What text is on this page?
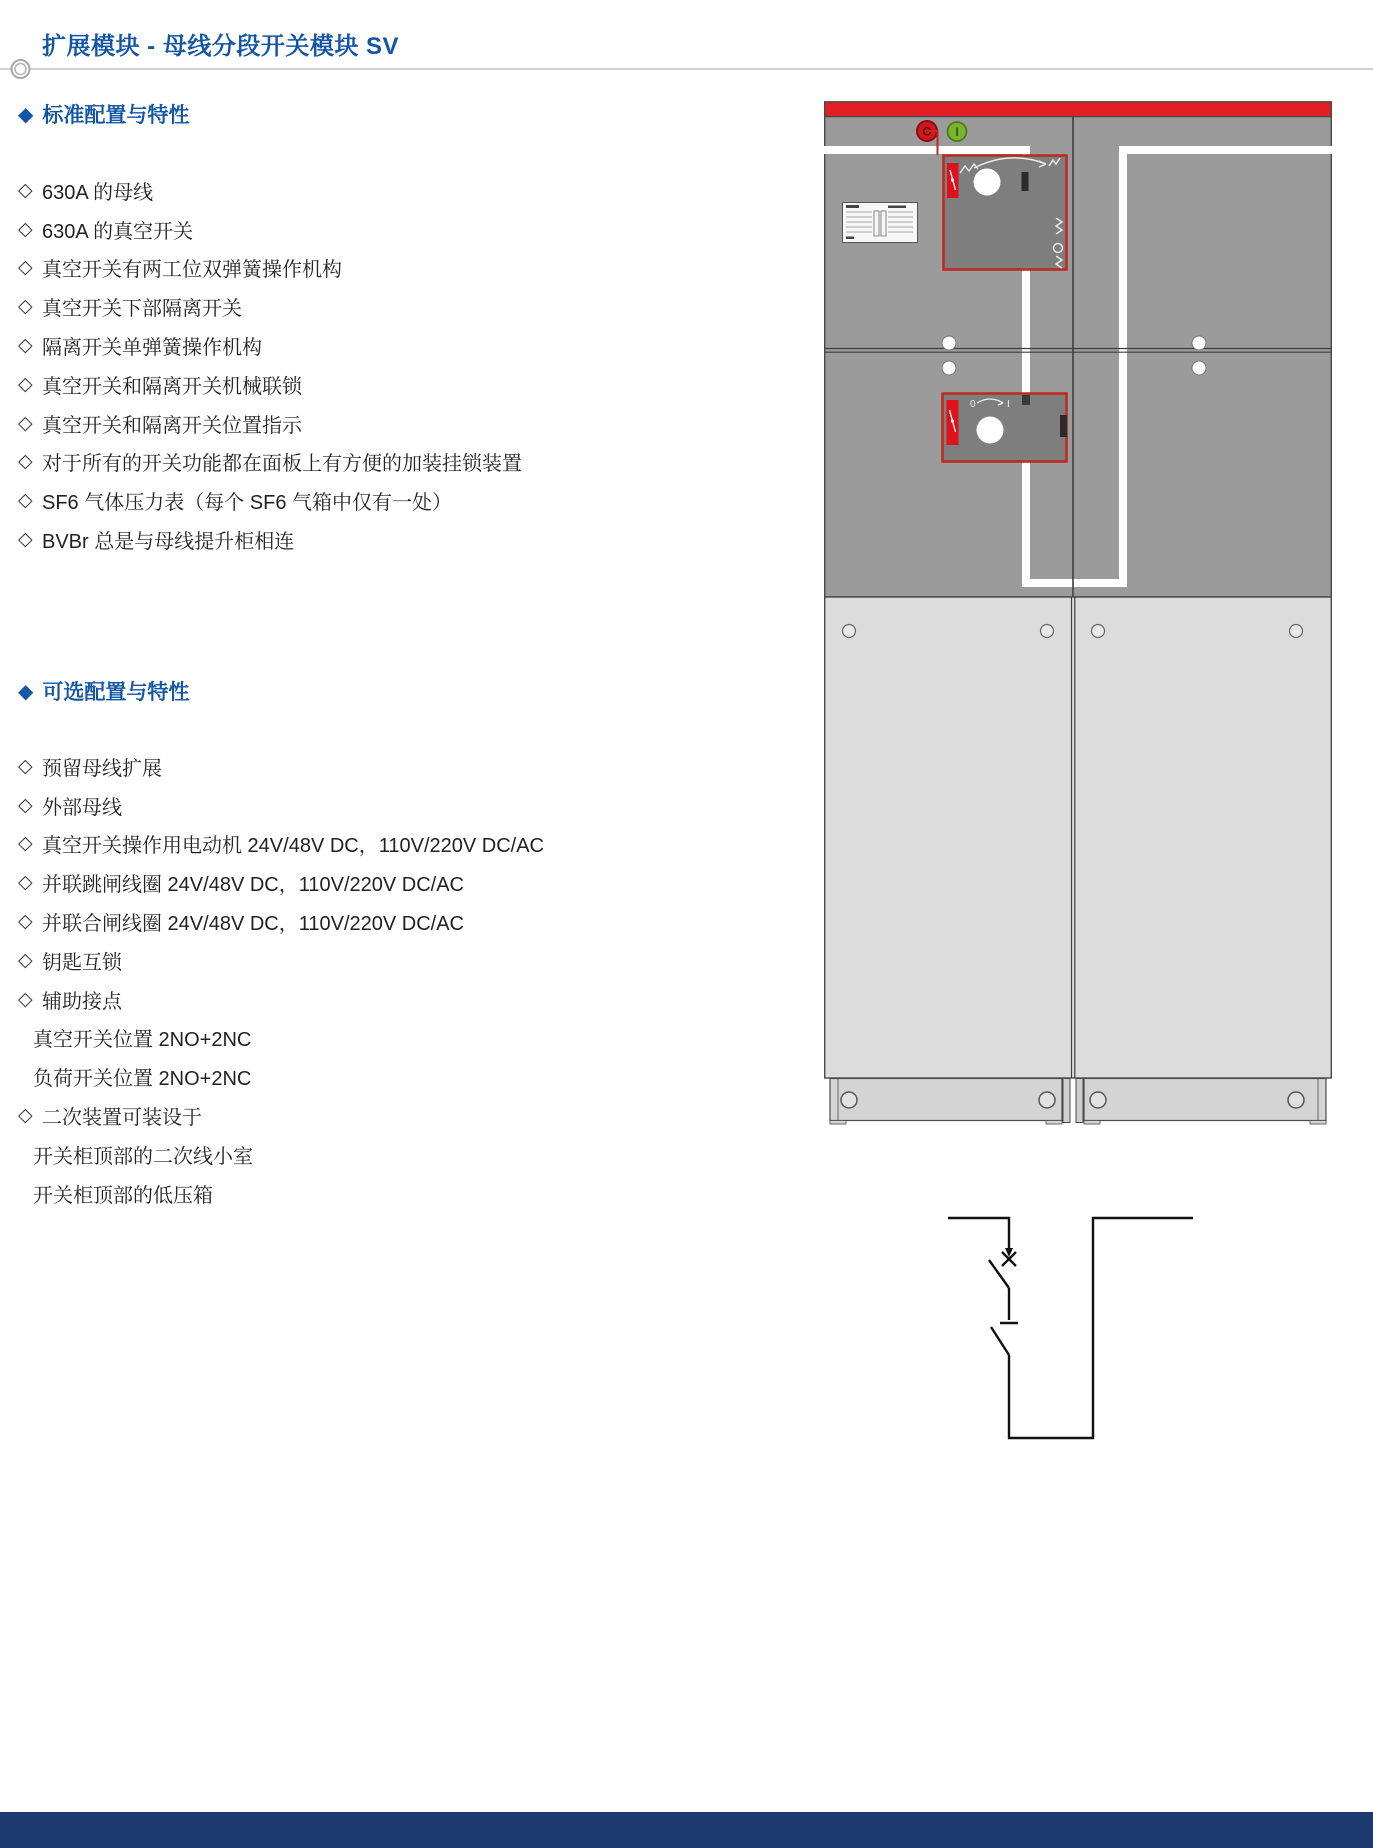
扩展模块 - 母线分段开关模块 SV
◆ 标准配置与特性
◇ 630A 的母线
◇ 630A 的真空开关
◇ 真空开关有两工位双弹簧操作机构
◇ 真空开关下部隔离开关
◇ 隔离开关单弹簧操作机构
◇ 真空开关和隔离开关机械联锁
◇ 真空开关和隔离开关位置指示
◇ 对于所有的开关功能都在面板上有方便的加装挂锁装置
◇ SF6 气体压力表（每个 SF6 气箱中仅有一处）
◇ BVBr 总是与母线提升柜相连
◆ 可选配置与特性
◇ 预留母线扩展
◇ 外部母线
◇ 真空开关操作用电动机 24V/48V DC，110V/220V DC/AC
◇ 并联跳闸线圈 24V/48V DC，110V/220V DC/AC
◇ 并联合闸线圈 24V/48V DC，110V/220V DC/AC
◇ 钥匙互锁
◇ 辅助接点
真空开关位置 2NO+2NC
负荷开关位置 2NO+2NC
◇ 二次装置可装设于
开关柜顶部的二次线小室
开关柜顶部的低压箱
O I
0	I
